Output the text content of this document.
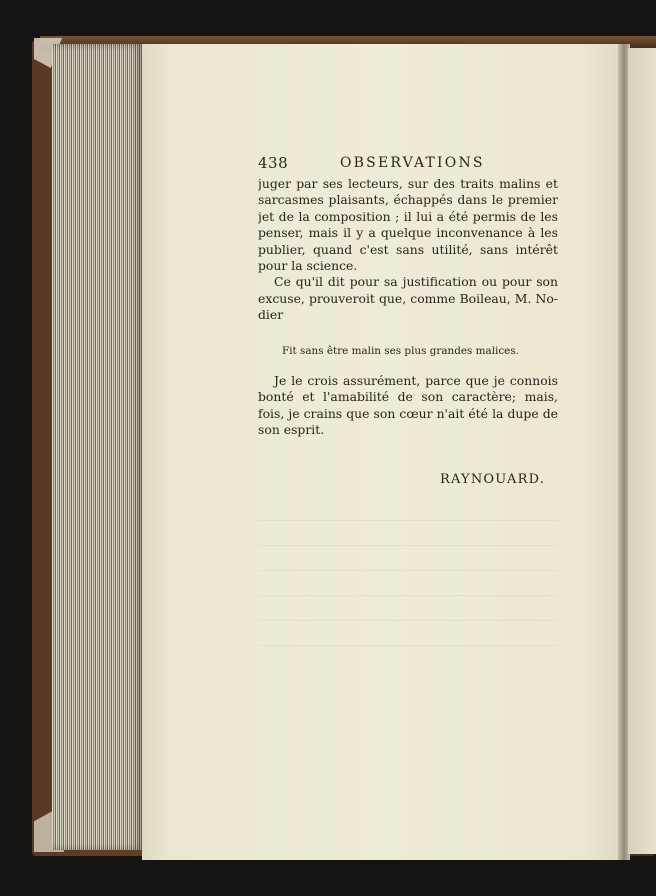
438	OBSERVATIONS
juger par ses lecteurs, sur des traits malins et
sarcasmes plaisants, échappés dans le premier
jet de la composition ; il lui a été permis de les
penser, mais il y a quelque inconvenance à les
publier, quand c'est sans utilité, sans intérêt
pour la science.
Ce qu'il dit pour sa justification ou pour son
excuse, prouveroit que, comme Boileau, M. No-
dier
Fit sans être malin ses plus grandes malices.
Je le crois assurément, parce que je connois
bonté et l'amabilité de son caractère; mais,
fois, je crains que son cœur n'ait été la dupe de
son esprit.
RAYNOUARD.
